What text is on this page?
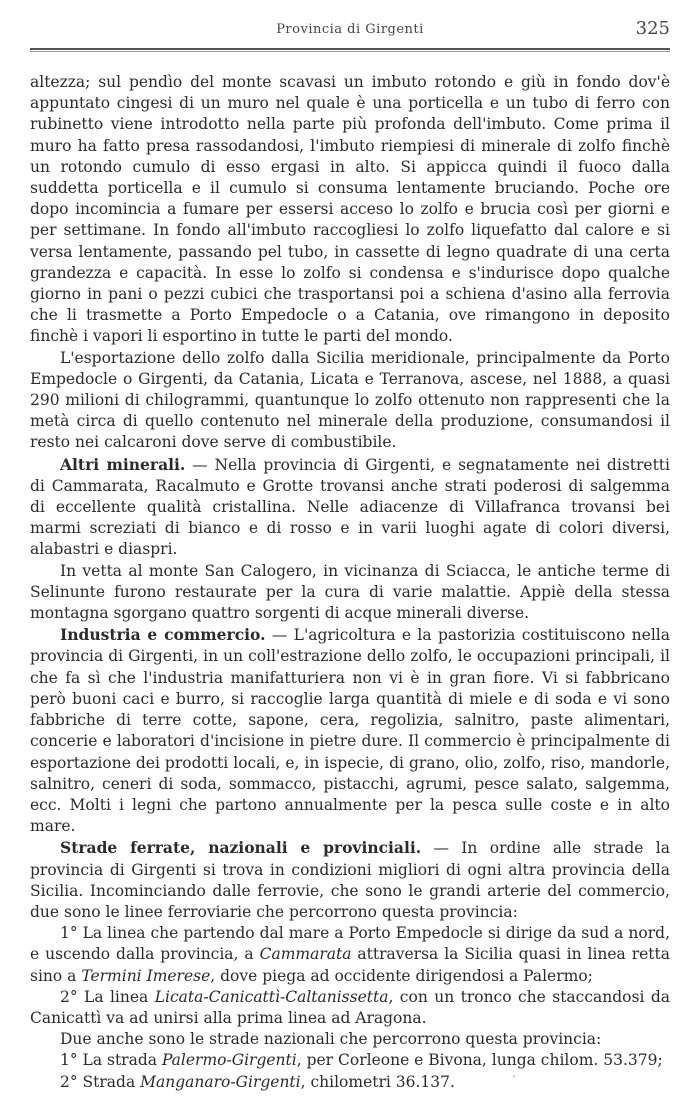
Provincia di Girgenti	325

altezza; sul pendìo del monte scavasi un imbuto rotondo e giù in fondo dov'è appuntato cingesi di un muro nel quale è una porticella e un tubo di ferro con rubinetto viene introdotto nella parte più profonda dell'imbuto. Come prima il muro ha fatto presa rassodandosi, l'imbuto riempiesi di minerale di zolfo finchè un rotondo cumulo di esso ergasi in alto. Si appicca quindi il fuoco dalla suddetta porticella e il cumulo si consuma lentamente bruciando. Poche ore dopo incomincia a fumare per essersi acceso lo zolfo e brucia così per giorni e per settimane. In fondo all'imbuto raccogliesi lo zolfo liquefatto dal calore e si versa lentamente, passando pel tubo, in cassette di legno quadrate di una certa grandezza e capacità. In esse lo zolfo si condensa e s'indurisce dopo qualche giorno in pani o pezzi cubici che trasportansi poi a schiena d'asino alla ferrovia che li trasmette a Porto Empedocle o a Catania, ove rimangono in deposito finchè i vapori li esportino in tutte le parti del mondo.

L'esportazione dello zolfo dalla Sicilia meridionale, principalmente da Porto Empedocle o Girgenti, da Catania, Licata e Terranova, ascese, nel 1888, a quasi 290 milioni di chilogrammi, quantunque lo zolfo ottenuto non rappresenti che la metà circa di quello contenuto nel minerale della produzione, consumandosi il resto nei calcaroni dove serve di combustibile.

Altri minerali. — Nella provincia di Girgenti, e segnatamente nei distretti di Cammarata, Racalmuto e Grotte trovansi anche strati poderosi di salgemma di eccellente qualità cristallina. Nelle adiacenze di Villafranca trovansi bei marmi screziati di bianco e di rosso e in varii luoghi agate di colori diversi, alabastri e diaspri.

In vetta al monte San Calogero, in vicinanza di Sciacca, le antiche terme di Selinunte furono restaurate per la cura di varie malattie. Appiè della stessa montagna sgorgano quattro sorgenti di acque minerali diverse.

Industria e commercio. — L'agricoltura e la pastorizia costituiscono nella provincia di Girgenti, in un coll'estrazione dello zolfo, le occupazioni principali, il che fa sì che l'industria manifatturiera non vi è in gran fiore. Vi si fabbricano però buoni caci e burro, si raccoglie larga quantità di miele e di soda e vi sono fabbriche di terre cotte, sapone, cera, regolizia, salnitro, paste alimentari, concerie e laboratori d'incisione in pietre dure. Il commercio è principalmente di esportazione dei prodotti locali, e, in ispecie, di grano, olio, zolfo, riso, mandorle, salnitro, ceneri di soda, sommacco, pistacchi, agrumi, pesce salato, salgemma, ecc. Molti i legni che partono annualmente per la pesca sulle coste e in alto mare.

Strade ferrate, nazionali e provinciali. — In ordine alle strade la provincia di Girgenti si trova in condizioni migliori di ogni altra provincia della Sicilia. Incominciando dalle ferrovie, che sono le grandi arterie del commercio, due sono le linee ferroviarie che percorrono questa provincia:

1° La linea che partendo dal mare a Porto Empedocle si dirige da sud a nord, e uscendo dalla provincia, a Cammarata attraversa la Sicilia quasi in linea retta sino a Termini Imerese, dove piega ad occidente dirigendosi a Palermo;

2° La linea Licata-Canicattì-Caltanissetta, con un tronco che staccandosi da Canicattì va ad unirsi alla prima linea ad Aragona.

Due anche sono le strade nazionali che percorrono questa provincia:

1° La strada Palermo-Girgenti, per Corleone e Bivona, lunga chilom. 53.379;

2° Strada Manganaro-Girgenti, chilometri 36.137.	`
